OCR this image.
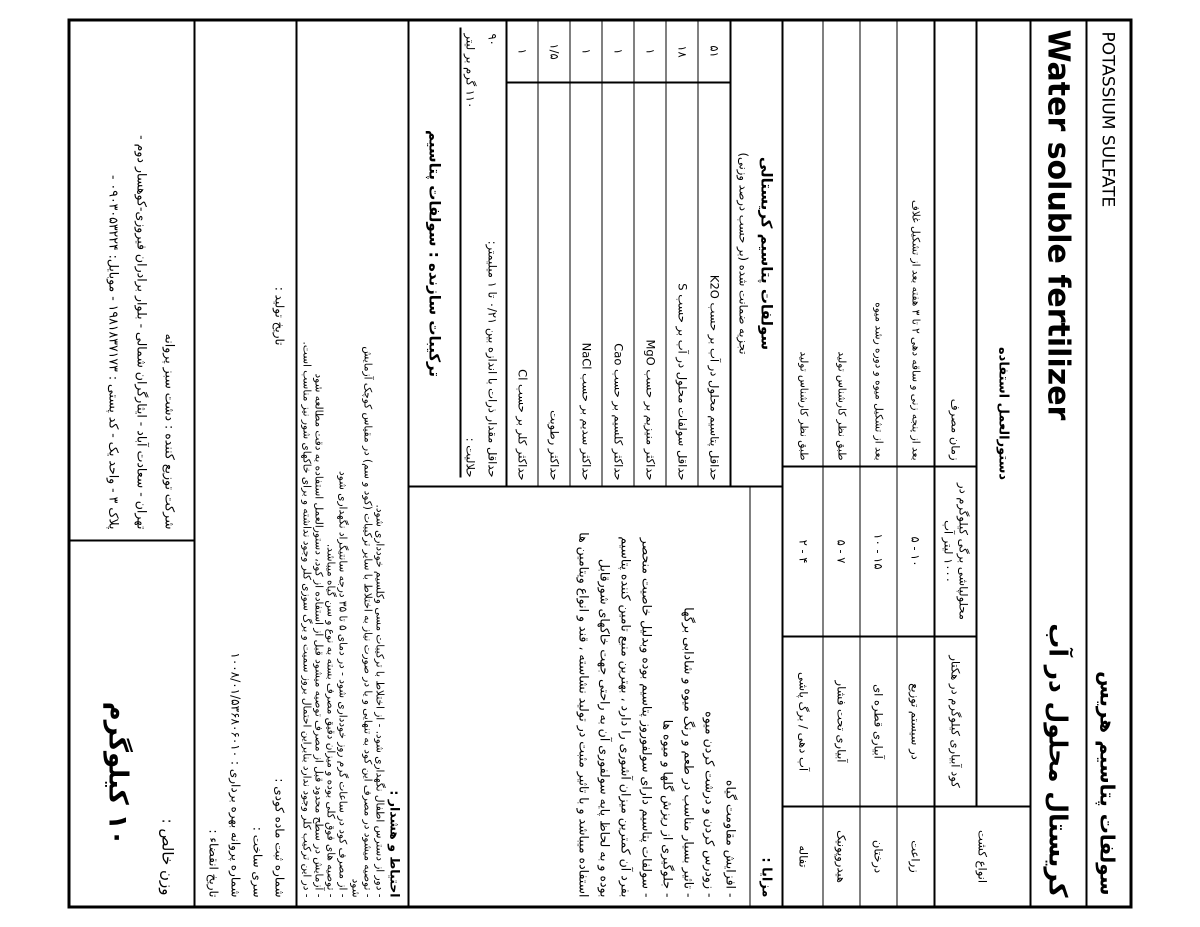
POTASSIUM SULFATE
سولفات پتاسیم هریس
Water soluble fertilizer
کریستال محلول در آب
انواع کشت
زراعت
درختان
هیدروپونیک
تفاله
کود آبیاری کیلوگرم در هکتار
در سیستم توزیع
آبیاری قطره ای
آبیاری تحت فشار
آب دهی / برگ پاشی
محلولپاشی برگی کیلوگرم در ۱۰۰۰ لیتر آب
۱۰ - ۵
۱۵ - ۱۰
۷ - ۵
۴ - ۲
دستورالعمل استفاده
زمان مصرف
بعد از پنجه زنی و ساقه دهی ۲ تا ۳ هفته بعد از تشکیل غلاف
بعد از تشکیل میوه و دوره رشد میوه
طبق نظر کارشناس تولید
طبق نظر کارشناس تولید
مزایا :
- افزایش مقاومت گیاه
- زودرس کردن و درشت کردن میوه
- تاثیر بسیار مناسب در طعم و رنگ میوه و شادابی برگها
- جلوگیری از ریزش گلها و میوه ها
- سولفات پتاسیم دارای سولفوروز پتاسیم بوده وبدلیل خاصیت منحصر
بفرد آن کمترین میزان آشوری را دارد ، بهترین منبع تامین کننده پتاسیم
بوده و به لحاظ پایه سولفوری آن به راحتی جهت خاکهای شورقابل
استفاده میباشد و با تاثیر مثبت در تولید نشاسته ، قند و انواع ویتامین ها
سولفات پتاسیم کریستالی
تجزیه ضمانت شده (بر حسب درصد وزنی)
حداقل پتاسیم محلول در آب بر حسب K2O
۵۱
حداقل سولفات محلول در آب بر حسب S
۱۸
حداکثر منیزیم بر حسب MgO
۱
حداکثر کلسیم بر حسب Cao
۱
حداکثر سدیم بر حسب NaCl
۱
حداکثر رطوبت
۱/۵
حداکثر کلر بر حسب Cl
۱
حداقل مقدار ذرات با اندازه بین ۰/۲۱ تا ۱ میلیمتر:
۹۰
حلالیت :
۱۱۰ گرم بر لیتر
ترکیبات سازنده : سولفات پتاسیم
احتیاط و هشدار :
- دور از دسترس اطفال نگهداری شود. - از اختلاط با ترکیبات مسی وکلسیم خودداری شود.
- توصیه میشود در مصرف این کود به تنهایی و یا در صورت نیاز به اختلاط با سایر ترکیبات (کود و سم) در مقیاس کوچک آزمایش
شود
- از مصرف کود در ساعات گرم روز خودداری شود - در دمای ۵ تا ۳۵ درجه سانتیگراد نگهداری شود
- توصیه های فوق کلی بوده و میزان دقیق مصرف بسته به نوع و سن گیاه میباشد.
- آزمایش در سطح محدود قبل از مصرف توصیه میشود قبل از استفاده از کود، دستورالعمل استفاده به دقت مطالعه شود
- در این ترکیب کلر وجود ندارد بنابراین احتمال بروز سمیت و برگ سوزی کلر وجود نداشته و برای خاکهای شور نیز مناسب است.
شماره ثبت ماده کودی :
سری ساخت :
تاریخ تولید :
شماره پروانه بهره برداری : ۱۰۰۸/۰۱/۵۳۶۸۰۶۰۱۰
تاریخ انقضاء :
شرکت توزیع کننده : دشت سبز پروانه
تهران - سعادت آباد - ایثارگران شمالی - بلوار برادران فیروزی-کوهسار دوم -
پلاک ۳ - واحد یک - کد پستی : ۱۹۸۱۸۳۷۱۷۳ - موبایل: ۰۹۰۳۰۵۳۲۲۴ -
وزن خالص :
۱۰ کیلوگرم
